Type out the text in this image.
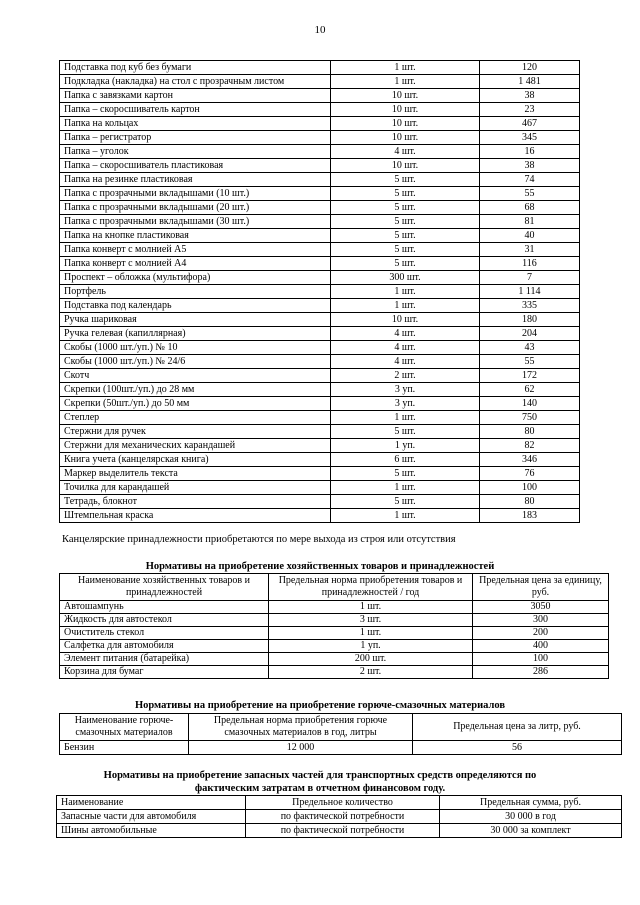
10
Подставка под куб без бумаги	1 шт.	120
Подкладка (накладка) на стол с прозрачным листом	1 шт.	1 481
Папка с завязками картон	10 шт.	38
Папка – скоросшиватель картон	10 шт.	23
Папка на кольцах	10 шт.	467
Папка – регистратор	10 шт.	345
Папка – уголок	4 шт.	16
Папка – скоросшиватель пластиковая	10 шт.	38
Папка на резинке пластиковая	5 шт.	74
Папка с прозрачными вкладышами (10 шт.)	5 шт.	55
Папка с прозрачными вкладышами (20 шт.)	5 шт.	68
Папка с прозрачными вкладышами (30 шт.)	5 шт.	81
Папка на кнопке пластиковая	5 шт.	40
Папка конверт с молнией А5	5 шт.	31
Папка конверт с молнией А4	5 шт.	116
Проспект – обложка (мультифора)	300 шт.	7
Портфель	1 шт.	1 114
Подставка под календарь	1 шт.	335
Ручка шариковая	10 шт.	180
Ручка гелевая (капиллярная)	4 шт.	204
Скобы (1000 шт./уп.) № 10	4 шт.	43
Скобы (1000 шт./уп.) № 24/6	4 шт.	55
Скотч	2 шт.	172
Скрепки (100шт./уп.) до 28 мм	3 уп.	62
Скрепки (50шт./уп.) до 50 мм	3 уп.	140
Степлер	1 шт.	750
Стержни для ручек	5 шт.	80
Стержни для механических карандашей	1 уп.	82
Книга учета (канцелярская книга)	6 шт.	346
Маркер выделитель текста	5 шт.	76
Точилка для карандашей	1 шт.	100
Тетрадь, блокнот	5 шт.	80
Штемпельная краска	1 шт.	183
Канцелярские принадлежности приобретаются по мере выхода из строя или отсутствия
Нормативы на приобретение хозяйственных товаров и принадлежностей
Наименование хозяйственных товаров и принадлежностей	Предельная норма приобретения товаров и принадлежностей / год	Предельная цена за единицу, руб.
Автошампунь	1 шт.	3050
Жидкость для автостекол	3 шт.	300
Очиститель стекол	1 шт.	200
Салфетка для автомобиля	1 уп.	400
Элемент питания (батарейка)	200 шт.	100
Корзина для бумаг	2 шт.	286
Нормативы на приобретение на приобретение горюче-смазочных материалов
Наименование горюче-смазочных материалов	Предельная норма приобретения горюче смазочных материалов в год, литры	Предельная цена за литр, руб.
Бензин	12 000	56
Нормативы на приобретение запасных частей для транспортных средств определяются по фактическим затратам в отчетном финансовом году.
Наименование	Предельное количество	Предельная сумма, руб.
Запасные части для автомобиля	по фактической потребности	30 000 в год
Шины автомобильные	по фактической потребности	30 000 за комплект
